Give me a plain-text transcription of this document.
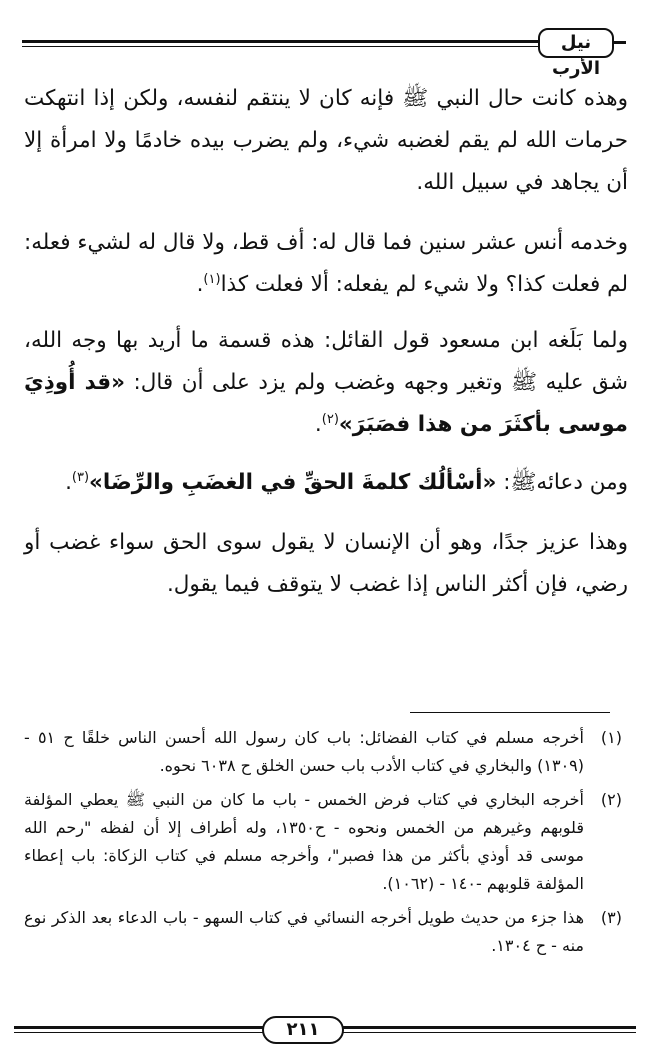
نيل الأرب

وهذه كانت حال النبي ﷺ فإنه كان لا ينتقم لنفسه، ولكن إذا انتهكت حرمات الله لم يقم لغضبه شيء، ولم يضرب بيده خادمًا ولا امرأة إلا أن يجاهد في سبيل الله.

وخدمه أنس عشر سنين فما قال له: أف قط، ولا قال له لشيء فعله: لم فعلت كذا؟ ولا شيء لم يفعله: ألا فعلت كذا$^{(١)}$.

ولما بَلَغه ابن مسعود قول القائل: هذه قسمة ما أريد بها وجه الله، شق عليه ﷺ وتغير وجهه وغضب ولم يزد على أن قال: «قد أُوذِيَ موسى بأكثَرَ من هذا فصَبَرَ»$^{(٢)}$.

ومن دعائهﷺ: «أسْألُك كلمةَ الحقِّ في الغضَبِ والرِّضَا»$^{(٣)}$.

وهذا عزيز جدًا، وهو أن الإنسان لا يقول سوى الحق سواء غضب أو رضي، فإن أكثر الناس إذا غضب لا يتوقف فيما يقول.

(١)
أخرجه مسلم في كتاب الفضائل: باب كان رسول الله أحسن الناس خلقًا ح ٥١ - (١٣٠٩) والبخاري في كتاب الأدب باب حسن الخلق ح ٦٠٣٨ نحوه.

(٢)
أخرجه البخاري في كتاب فرض الخمس - باب ما كان من النبي ﷺ يعطي المؤلفة قلوبهم وغيرهم من الخمس ونحوه - ح١٣٥٠، وله أطراف إلا أن لفظه "رحم الله موسى قد أوذي بأكثر من هذا فصبر"، وأخرجه مسلم في كتاب الزكاة: باب إعطاء المؤلفة قلوبهم -١٤٠ - (١٠٦٢).

(٣)
هذا جزء من حديث طويل أخرجه النسائي في كتاب السهو - باب الدعاء بعد الذكر نوع منه - ح ١٣٠٤.

٢١١
